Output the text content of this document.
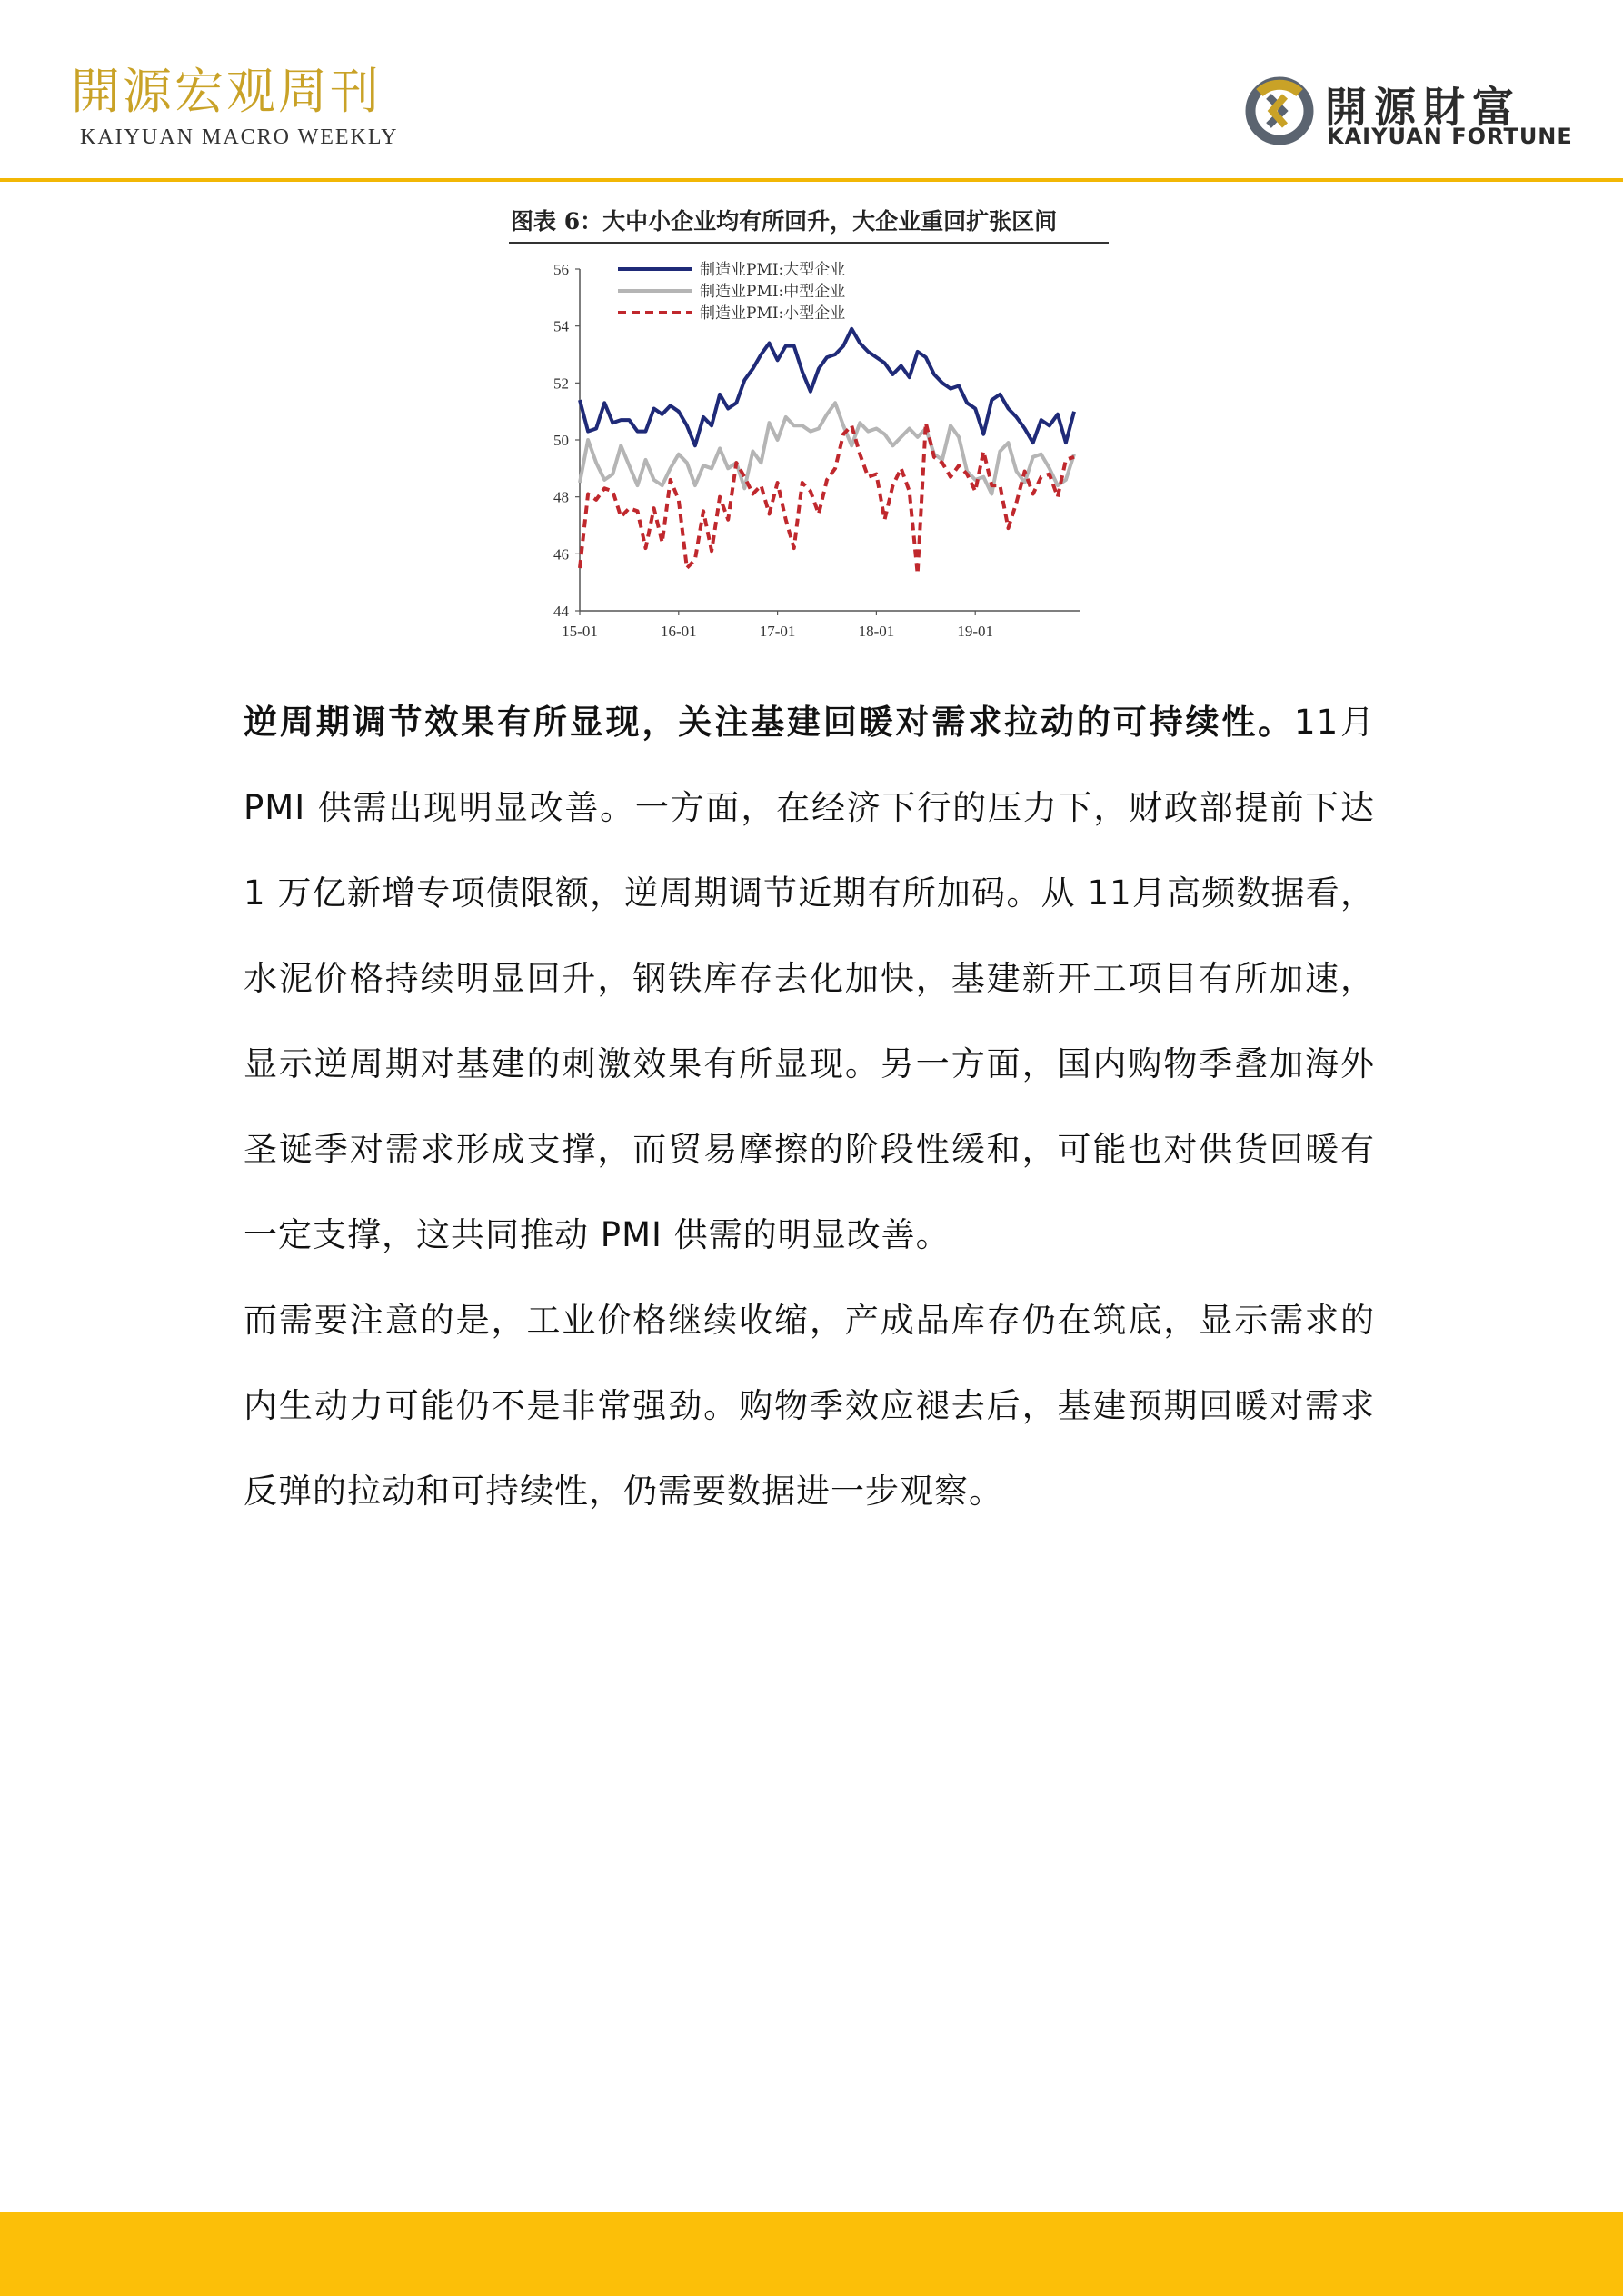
開源宏观周刊
KAIYUAN MACRO WEEKLY
開源財富
KAIYUAN FORTUNE
图表 6：大中小企业均有所回升，大企业重回扩张区间
44
46
48
50
52
54
56
15-01	16-01	17-01	18-01	19-01
制造业PMI:大型企业
制造业PMI:中型企业
制造业PMI:小型企业

逆周期调节效果有所显现，关注基建回暖对需求拉动的可持续性。11月 PMI 供需出现明显改善。一方面，在经济下行的压力下，财政部提前下达 1 万亿新增专项债限额，逆周期调节近期有所加码。从 11月高频数据看，水泥价格持续明显回升，钢铁库存去化加快，基建新开工项目有所加速，显示逆周期对基建的刺激效果有所显现。另一方面，国内购物季叠加海外圣诞季对需求形成支撑，而贸易摩擦的阶段性缓和，可能也对供货回暖有一定支撑，这共同推动 PMI 供需的明显改善。

而需要注意的是，工业价格继续收缩，产成品库存仍在筑底，显示需求的内生动力可能仍不是非常强劲。购物季效应褪去后，基建预期回暖对需求反弹的拉动和可持续性，仍需要数据进一步观察。
